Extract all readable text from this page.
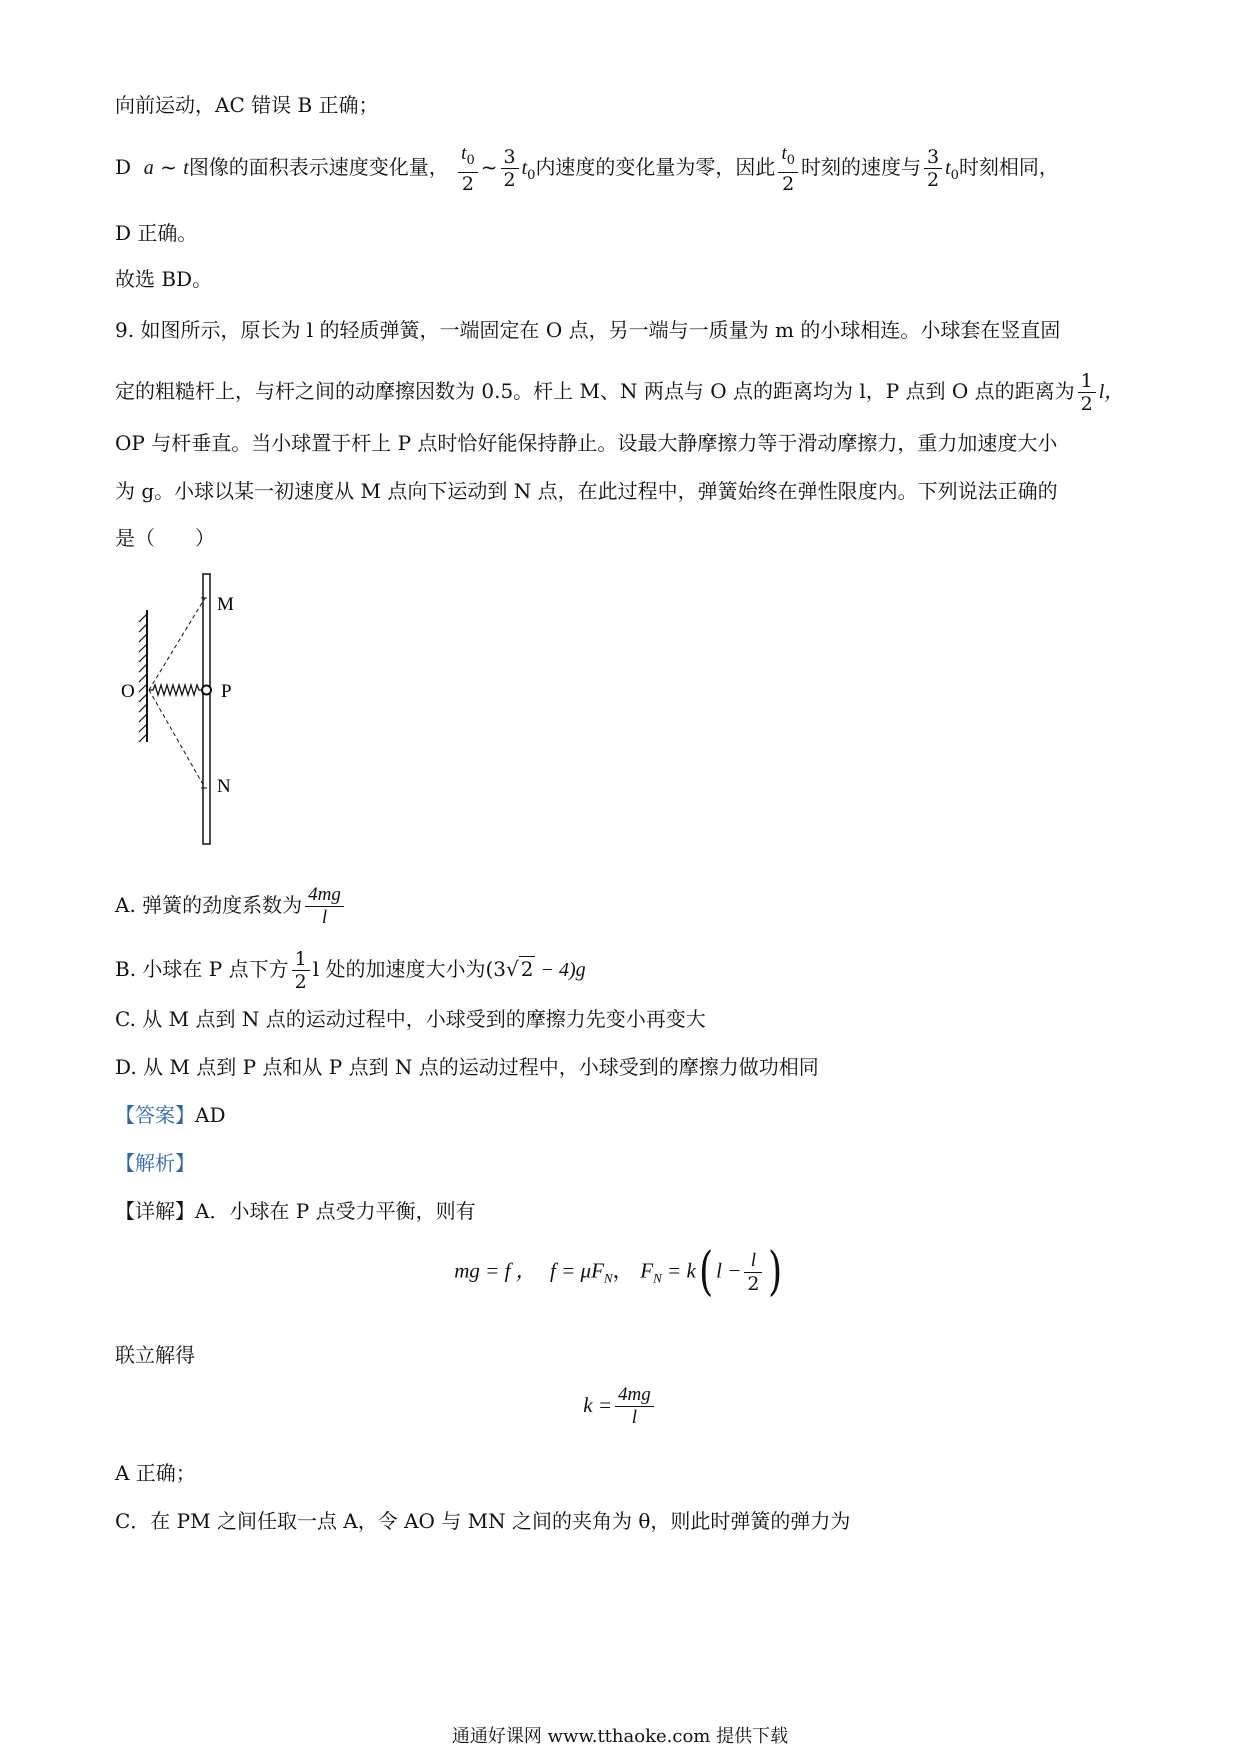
向前运动，AC 错误 B 正确；
D a ~ t图像的面积表示速度变化量， $\frac{t_0}{2}$ ~ $\frac{3}{2} t_0$内速度的变化量为零，因此 $\frac{t_0}{2}$ 时刻的速度与 $\frac{3}{2} t_0$时刻相同，
D 正确。
故选 BD。
9. 如图所示，原长为 l 的轻质弹簧，一端固定在 O 点，另一端与一质量为 m 的小球相连。小球套在竖直固
定的粗糙杆上，与杆之间的动摩擦因数为 0.5。杆上 M、N 两点与 O 点的距离均为 l，P 点到 O 点的距离为 $\frac{1}{2}$ l，
OP 与杆垂直。当小球置于杆上 P 点时恰好能保持静止。设最大静摩擦力等于滑动摩擦力，重力加速度大小
为 g。小球以某一初速度从 M 点向下运动到 N 点，在此过程中，弹簧始终在弹性限度内。下列说法正确的
是（　　）
M
O	P
N
A. 弹簧的劲度系数为 $\frac{4mg}{l}$
B. 小球在 P 点下方 $\frac{1}{2}$ l 处的加速度大小为(3√ 2 − 4)g
C. 从 M 点到 N 点的运动过程中，小球受到的摩擦力先变小再变大
D. 从 M 点到 P 点和从 P 点到 N 点的运动过程中，小球受到的摩擦力做功相同
【答案】AD
【解析】
【详解】A．小球在 P 点受力平衡，则有
mg = f ， $f = \mu F_N$， $F_N = k$( $l - \frac{l}{2}$ )
联立解得
$k = \frac{4mg}{l}$
A 正确；
C．在 PM 之间任取一点 A，令 AO 与 MN 之间的夹角为 θ，则此时弹簧的弹力为
通通好课网 www.tthaoke.com 提供下载
